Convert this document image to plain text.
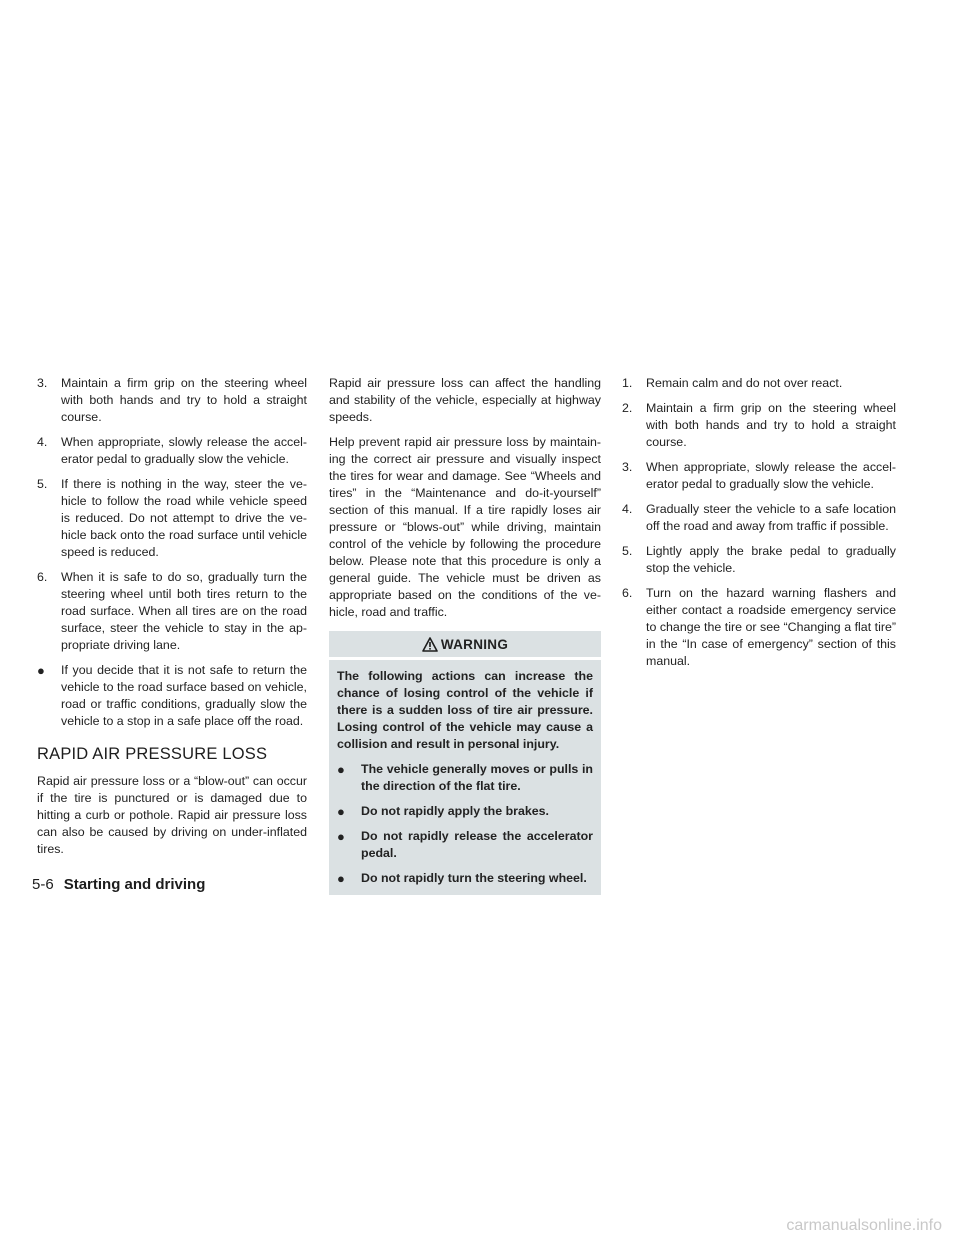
3.	Maintain a firm grip on the steering wheel with both hands and try to hold a straight course.
4.	When appropriate, slowly release the accelerator pedal to gradually slow the vehicle.
5.	If there is nothing in the way, steer the vehicle to follow the road while vehicle speed is reduced. Do not attempt to drive the vehicle back onto the road surface until vehicle speed is reduced.
6.	When it is safe to do so, gradually turn the steering wheel until both tires return to the road surface. When all tires are on the road surface, steer the vehicle to stay in the appropriate driving lane.
●	If you decide that it is not safe to return the vehicle to the road surface based on vehicle, road or traffic conditions, gradually slow the vehicle to a stop in a safe place off the road.
RAPID AIR PRESSURE LOSS
Rapid air pressure loss or a “blow-out” can occur if the tire is punctured or is damaged due to hitting a curb or pothole. Rapid air pressure loss can also be caused by driving on under-inflated tires.
Rapid air pressure loss can affect the handling and stability of the vehicle, especially at highway speeds.
Help prevent rapid air pressure loss by maintaining the correct air pressure and visually inspect the tires for wear and damage. See “Wheels and tires” in the “Maintenance and do-it-yourself” section of this manual. If a tire rapidly loses air pressure or “blows-out” while driving, maintain control of the vehicle by following the procedure below. Please note that this procedure is only a general guide. The vehicle must be driven as appropriate based on the conditions of the vehicle, road and traffic.
WARNING
The following actions can increase the chance of losing control of the vehicle if there is a sudden loss of tire air pressure. Losing control of the vehicle may cause a collision and result in personal injury.
●	The vehicle generally moves or pulls in the direction of the flat tire.
●	Do not rapidly apply the brakes.
●	Do not rapidly release the accelerator pedal.
●	Do not rapidly turn the steering wheel.
1.	Remain calm and do not over react.
2.	Maintain a firm grip on the steering wheel with both hands and try to hold a straight course.
3.	When appropriate, slowly release the accelerator pedal to gradually slow the vehicle.
4.	Gradually steer the vehicle to a safe location off the road and away from traffic if possible.
5.	Lightly apply the brake pedal to gradually stop the vehicle.
6.	Turn on the hazard warning flashers and either contact a roadside emergency service to change the tire or see “Changing a flat tire” in the “In case of emergency” section of this manual.
5-6 Starting and driving
carmanualsonline.info
